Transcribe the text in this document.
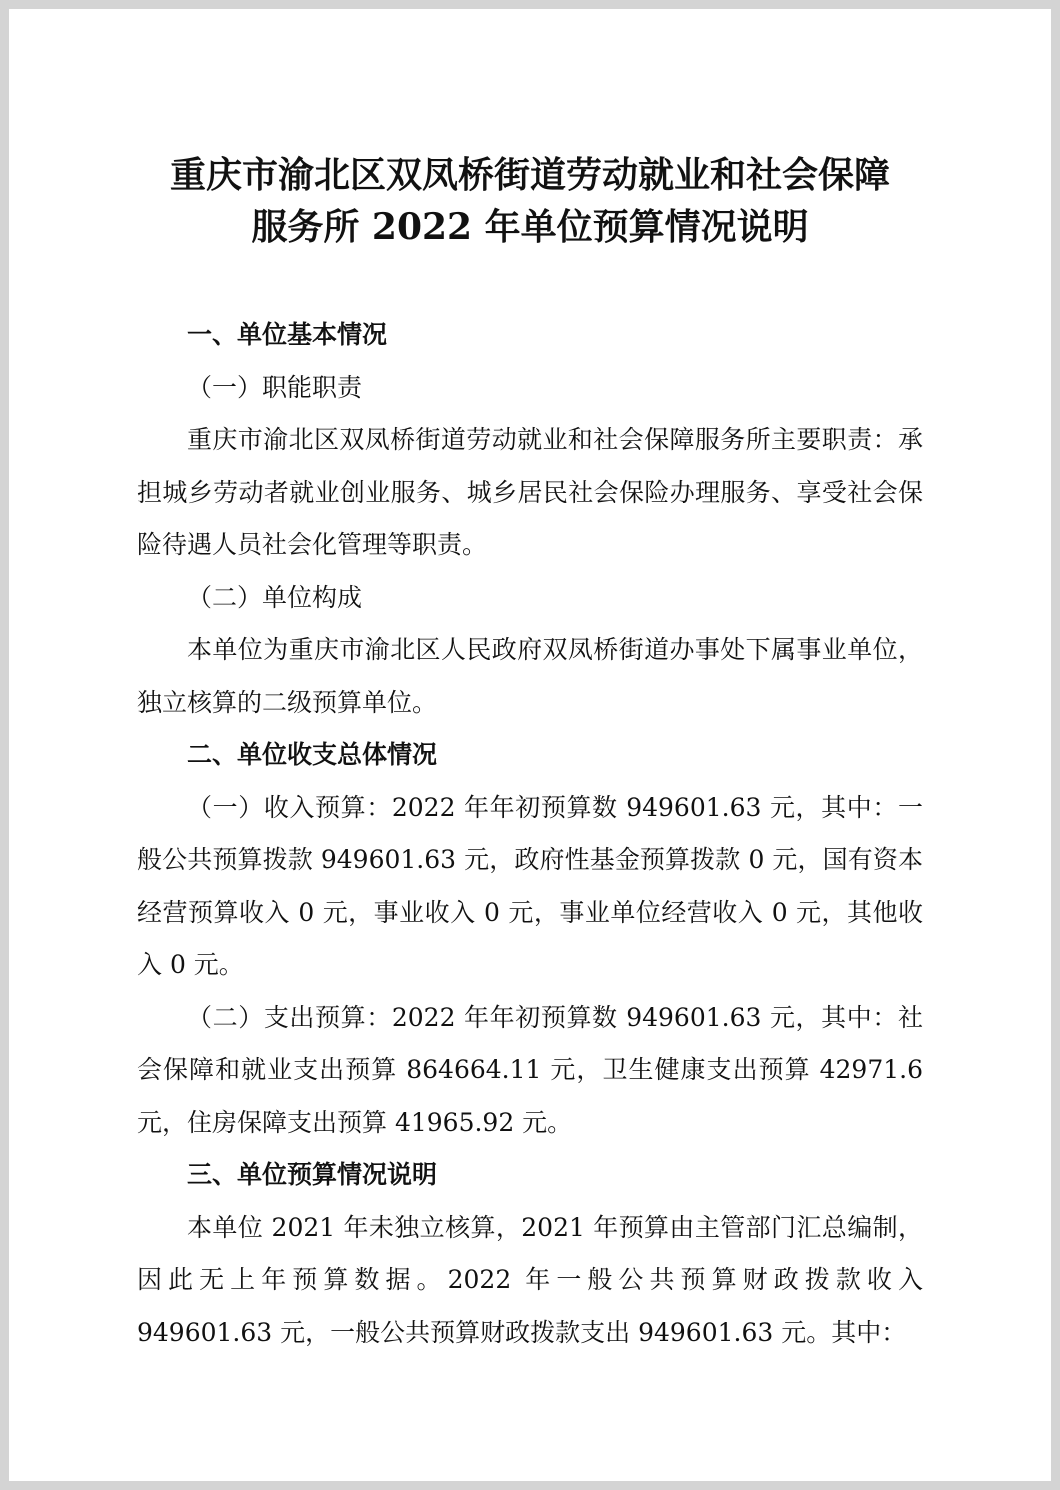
重庆市渝北区双凤桥街道劳动就业和社会保障
服务所 2022 年单位预算情况说明

一、单位基本情况

（一）职能职责

重庆市渝北区双凤桥街道劳动就业和社会保障服务所主要职责：承担城乡劳动者就业创业服务、城乡居民社会保险办理服务、享受社会保险待遇人员社会化管理等职责。

（二）单位构成

本单位为重庆市渝北区人民政府双凤桥街道办事处下属事业单位，独立核算的二级预算单位。

二、单位收支总体情况

（一）收入预算：2022 年年初预算数 949601.63 元，其中：一般公共预算拨款 949601.63 元，政府性基金预算拨款 0 元，国有资本经营预算收入 0 元，事业收入 0 元，事业单位经营收入 0 元，其他收入 0 元。

（二）支出预算：2022 年年初预算数 949601.63 元，其中：社会保障和就业支出预算 864664.11 元，卫生健康支出预算 42971.6 元，住房保障支出预算 41965.92 元。

三、单位预算情况说明

本单位 2021 年未独立核算，2021 年预算由主管部门汇总编制，因此无上年预算数据。2022 年一般公共预算财政拨款收入 949601.63 元，一般公共预算财政拨款支出 949601.63 元。其中：
